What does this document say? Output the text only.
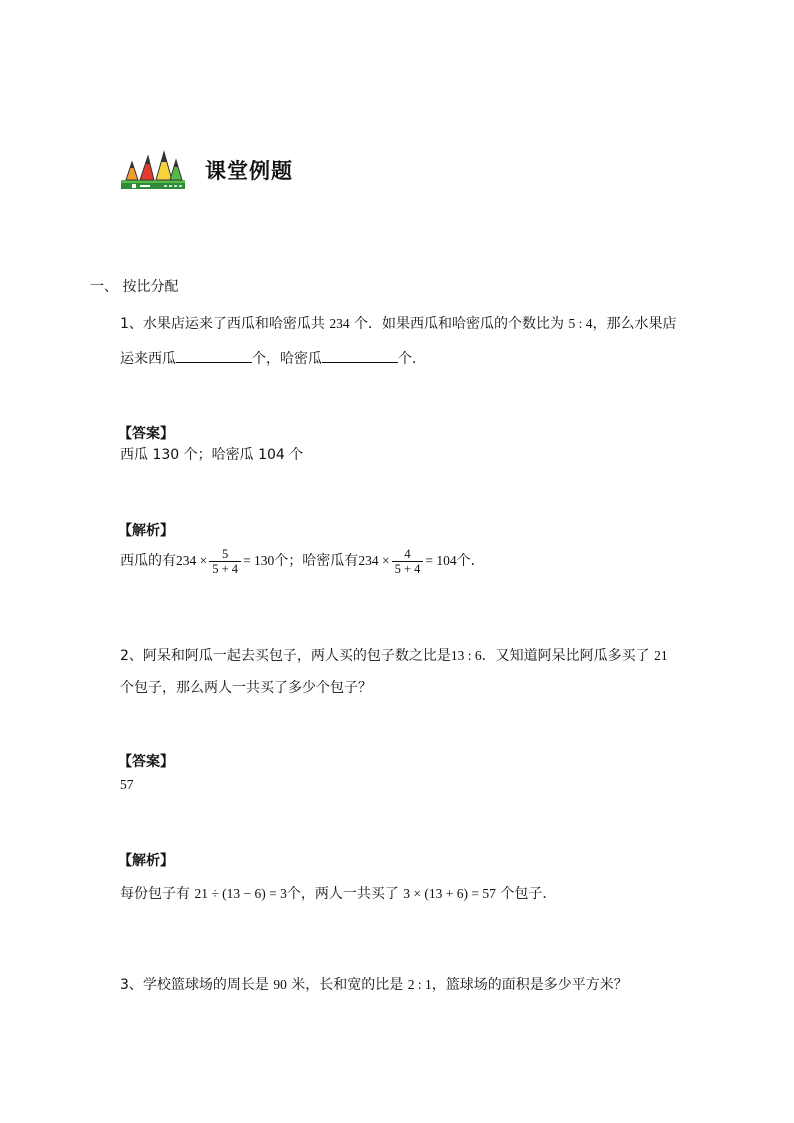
课堂例题
一、 按比分配
1、水果店运来了西瓜和哈密瓜共 234 个．如果西瓜和哈密瓜的个数比为 5 : 4，那么水果店
运来西瓜	个，哈密瓜	个．
【答案】
西瓜 130 个；哈密瓜 104 个
【解析】
西瓜的有 $234 \times \frac{5}{5 + 4} = 130$ 个；哈密瓜有 $234 \times \frac{4}{5 + 4} = 104$ 个．
2、阿呆和阿瓜一起去买包子，两人买的包子数之比是13 : 6．又知道阿呆比阿瓜多买了 21
个包子，那么两人一共买了多少个包子？
【答案】
57
【解析】
每份包子有 21 ÷ (13 − 6) = 3个，两人一共买了 3 × (13 + 6) = 57 个包子．
3、学校篮球场的周长是 90 米，长和宽的比是 2 : 1，篮球场的面积是多少平方米？
